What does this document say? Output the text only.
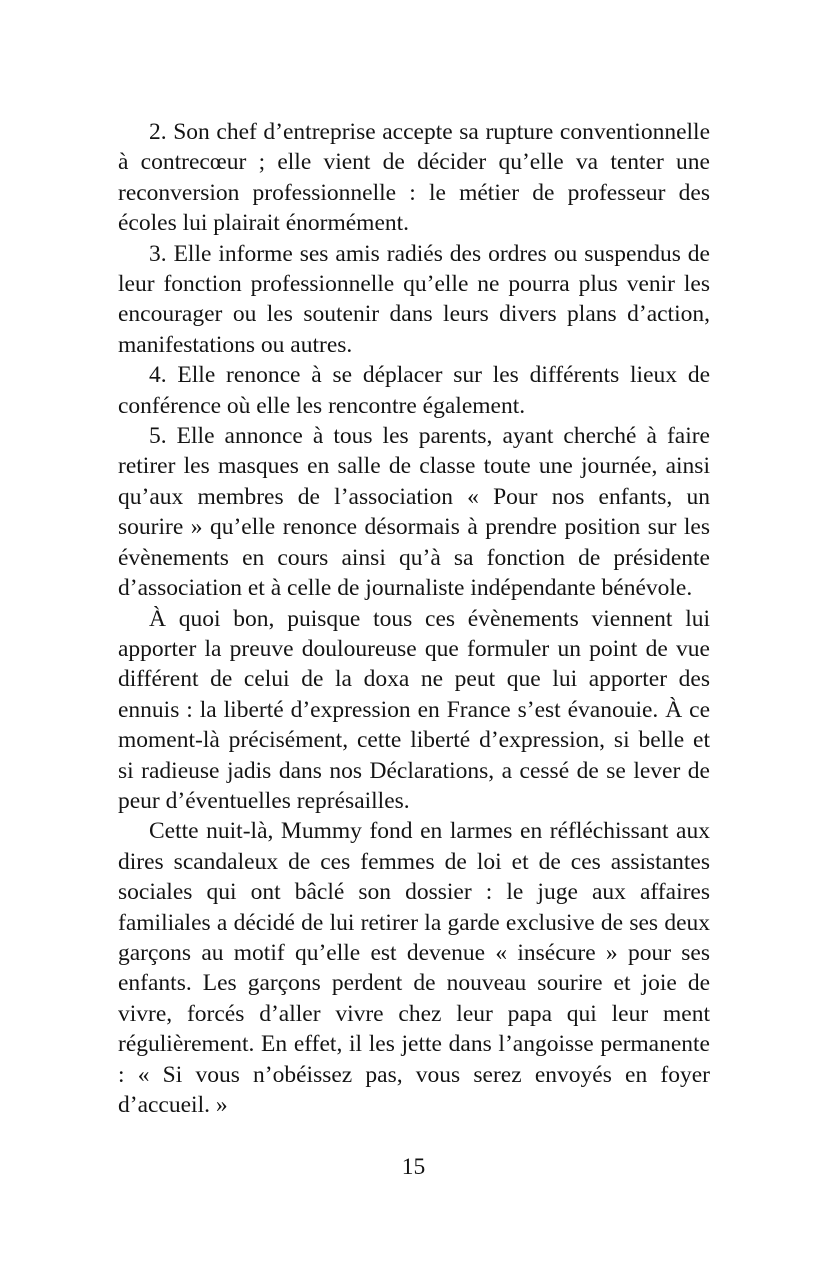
2. Son chef d’entreprise accepte sa rupture conventionnelle à contrecœur ; elle vient de décider qu’elle va tenter une reconversion professionnelle : le métier de professeur des écoles lui plairait énormément.

3. Elle informe ses amis radiés des ordres ou suspendus de leur fonction professionnelle qu’elle ne pourra plus venir les encourager ou les soutenir dans leurs divers plans d’action, manifestations ou autres.

4. Elle renonce à se déplacer sur les différents lieux de conférence où elle les rencontre également.

5. Elle annonce à tous les parents, ayant cherché à faire retirer les masques en salle de classe toute une journée, ainsi qu’aux membres de l’association « Pour nos enfants, un sourire » qu’elle renonce désormais à prendre position sur les évènements en cours ainsi qu’à sa fonction de présidente d’association et à celle de journaliste indépendante bénévole.

À quoi bon, puisque tous ces évènements viennent lui apporter la preuve douloureuse que formuler un point de vue différent de celui de la doxa ne peut que lui apporter des ennuis : la liberté d’expression en France s’est évanouie. À ce moment-là précisément, cette liberté d’expression, si belle et si radieuse jadis dans nos Déclarations, a cessé de se lever de peur d’éventuelles représailles.

Cette nuit-là, Mummy fond en larmes en réfléchissant aux dires scandaleux de ces femmes de loi et de ces assistantes sociales qui ont bâclé son dossier : le juge aux affaires familiales a décidé de lui retirer la garde exclusive de ses deux garçons au motif qu’elle est devenue « insécure » pour ses enfants. Les garçons perdent de nouveau sourire et joie de vivre, forcés d’aller vivre chez leur papa qui leur ment régulièrement. En effet, il les jette dans l’angoisse permanente : « Si vous n’obéissez pas, vous serez envoyés en foyer d’accueil. »

15
